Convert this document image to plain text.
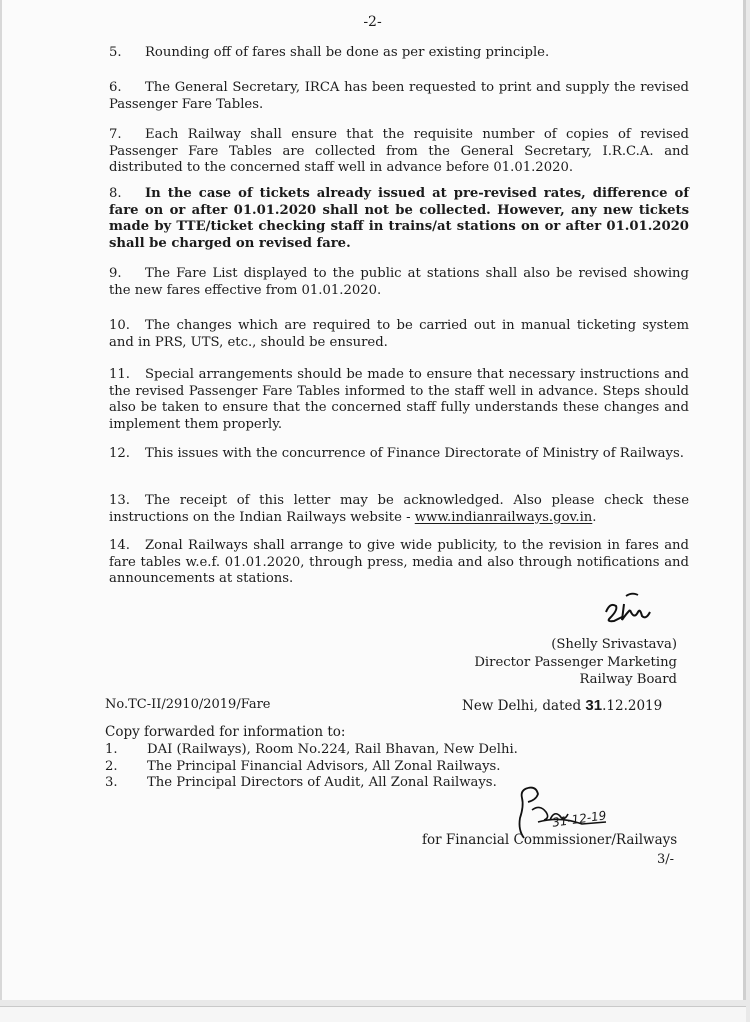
-2-
5. Rounding off of fares shall be done as per existing principle.
6. The General Secretary, IRCA has been requested to print and supply the revised Passenger Fare Tables.
7. Each Railway shall ensure that the requisite number of copies of revised Passenger Fare Tables are collected from the General Secretary, I.R.C.A. and distributed to the concerned staff well in advance before 01.01.2020.
8. In the case of tickets already issued at pre-revised rates, difference of fare on or after 01.01.2020 shall not be collected. However, any new tickets made by TTE/ticket checking staff in trains/at stations on or after 01.01.2020 shall be charged on revised fare.
9. The Fare List displayed to the public at stations shall also be revised showing the new fares effective from 01.01.2020.
10. The changes which are required to be carried out in manual ticketing system and in PRS, UTS, etc., should be ensured.
11. Special arrangements should be made to ensure that necessary instructions and the revised Passenger Fare Tables informed to the staff well in advance. Steps should also be taken to ensure that the concerned staff fully understands these changes and implement them properly.
12. This issues with the concurrence of Finance Directorate of Ministry of Railways.
13. The receipt of this letter may be acknowledged. Also please check these instructions on the Indian Railways website - www.indianrailways.gov.in.
14. Zonal Railways shall arrange to give wide publicity, to the revision in fares and fare tables w.e.f. 01.01.2020, through press, media and also through notifications and announcements at stations.
(Shelly Srivastava)
Director Passenger Marketing
Railway Board
No.TC-II/2910/2019/Fare	New Delhi, dated 31.12.2019
Copy forwarded for information to:
1.	DAI (Railways), Room No.224, Rail Bhavan, New Delhi.
2.	The Principal Financial Advisors, All Zonal Railways.
3.	The Principal Directors of Audit, All Zonal Railways.
31-12-19
for Financial Commissioner/Railways
3/-
